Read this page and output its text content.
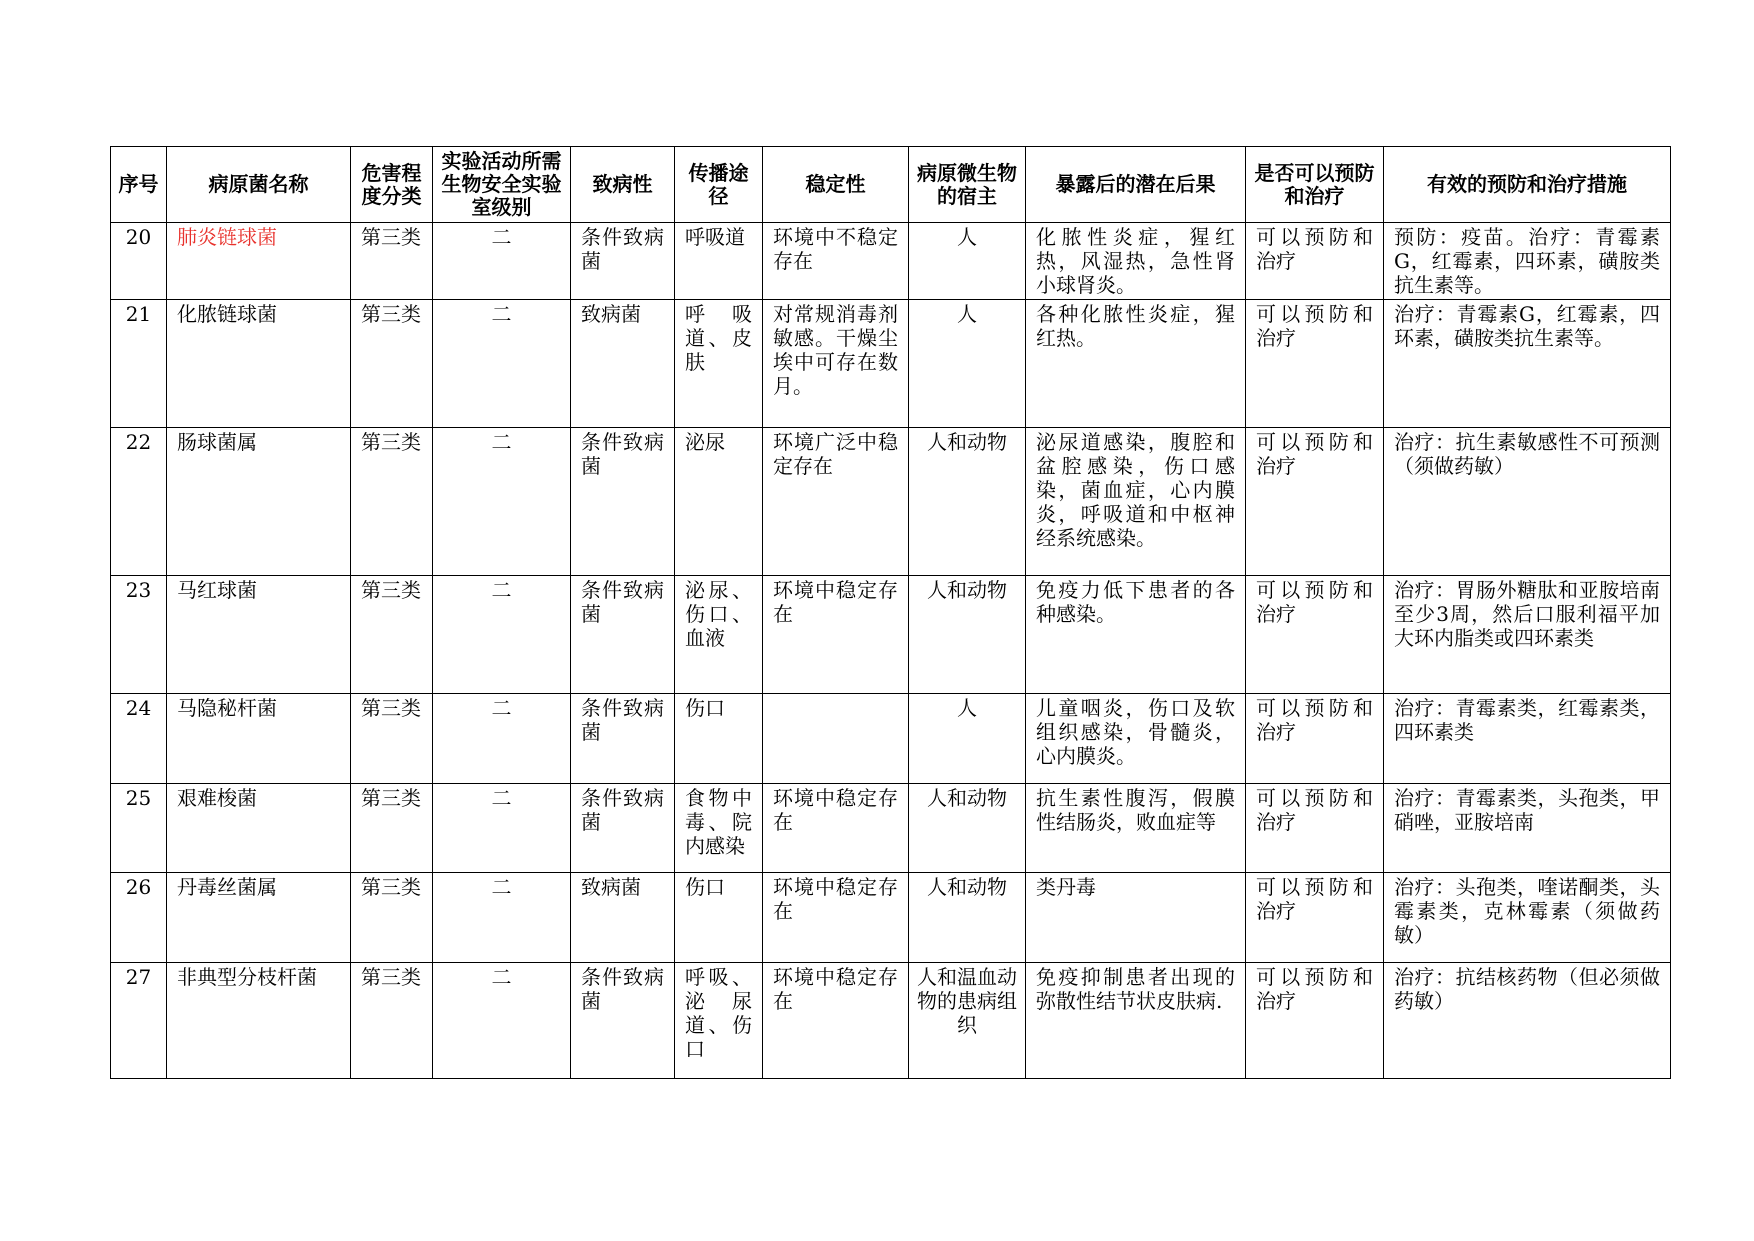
序号	病原菌名称	危害程度分类	实验活动所需生物安全实验室级别	致病性	传播途径	稳定性	病原微生物的宿主	暴露后的潜在后果	是否可以预防和治疗	有效的预防和治疗措施
20	肺炎链球菌	第三类	二	条件致病菌	呼吸道	环境中不稳定存在	人	化脓性炎症，猩红热，风湿热，急性肾小球肾炎。	可以预防和治疗	预防：疫苗。治疗：青霉素G，红霉素，四环素，磺胺类抗生素等。
21	化脓链球菌	第三类	二	致病菌	呼吸道、皮肤	对常规消毒剂敏感。干燥尘埃中可存在数月。	人	各种化脓性炎症，猩红热。	可以预防和治疗	治疗：青霉素G，红霉素，四环素，磺胺类抗生素等。
22	肠球菌属	第三类	二	条件致病菌	泌尿	环境广泛中稳定存在	人和动物	泌尿道感染，腹腔和盆腔感染，伤口感染，菌血症，心内膜炎，呼吸道和中枢神经系统感染。	可以预防和治疗	治疗：抗生素敏感性不可预测（须做药敏）
23	马红球菌	第三类	二	条件致病菌	泌尿、伤口、血液	环境中稳定存在	人和动物	免疫力低下患者的各种感染。	可以预防和治疗	治疗：胃肠外糖肽和亚胺培南至少3周，然后口服利福平加大环内脂类或四环素类
24	马隐秘杆菌	第三类	二	条件致病菌	伤口		人	儿童咽炎，伤口及软组织感染，骨髓炎，心内膜炎。	可以预防和治疗	治疗：青霉素类，红霉素类，四环素类
25	艰难梭菌	第三类	二	条件致病菌	食物中毒、院内感染	环境中稳定存在	人和动物	抗生素性腹泻，假膜性结肠炎，败血症等	可以预防和治疗	治疗：青霉素类，头孢类，甲硝唑，亚胺培南
26	丹毒丝菌属	第三类	二	致病菌	伤口	环境中稳定存在	人和动物	类丹毒	可以预防和治疗	治疗：头孢类，喹诺酮类，头霉素类，克林霉素（须做药敏）
27	非典型分枝杆菌	第三类	二	条件致病菌	呼吸、泌尿道、伤口	环境中稳定存在	人和温血动物的患病组织	免疫抑制患者出现的弥散性结节状皮肤病.	可以预防和治疗	治疗：抗结核药物（但必须做药敏）
